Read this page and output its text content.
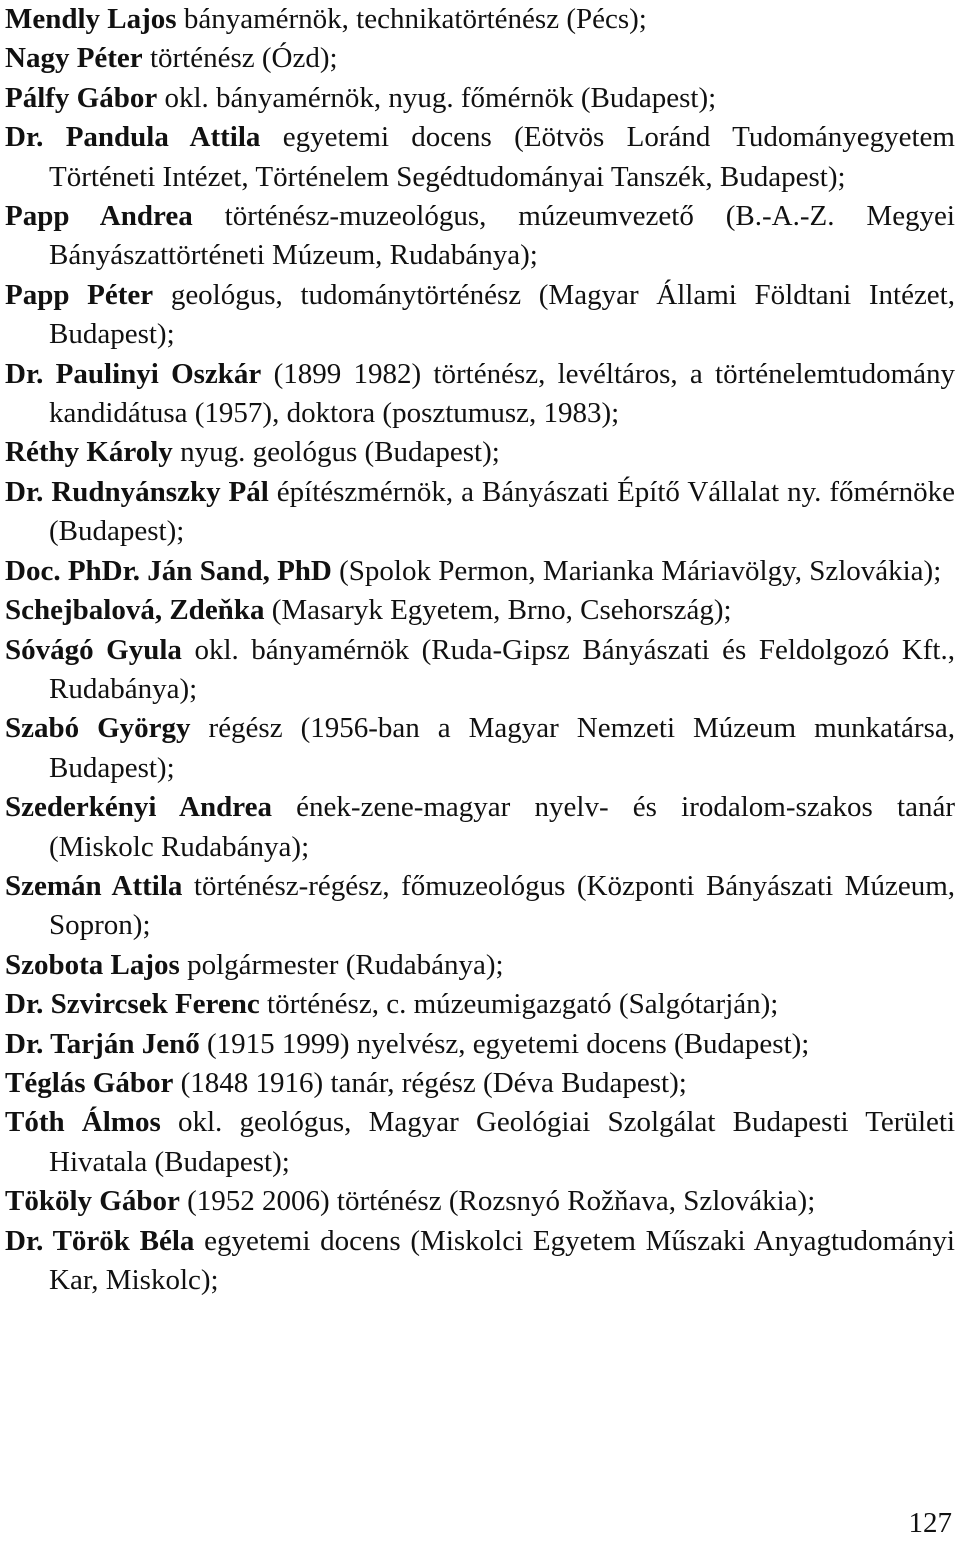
Mendly Lajos bányamérnök, technikatörténész (Pécs);

Nagy Péter történész (Ózd);

Pálfy Gábor okl. bányamérnök, nyug. főmérnök (Budapest);

Dr. Pandula Attila egyetemi docens (Eötvös Loránd Tudományegyetem Történeti Intézet, Történelem Segédtudományai Tanszék, Budapest);

Papp Andrea történész-muzeológus, múzeumvezető (B.-A.-Z. Megyei Bányászattörténeti Múzeum, Rudabánya);

Papp Péter geológus, tudománytörténész (Magyar Állami Földtani Intézet, Budapest);

Dr. Paulinyi Oszkár (1899 1982) történész, levéltáros, a történelemtudomány kandidátusa (1957), doktora (posztumusz, 1983);

Réthy Károly nyug. geológus (Budapest);

Dr. Rudnyánszky Pál építészmérnök, a Bányászati Építő Vállalat ny. főmérnöke (Budapest);

Doc. PhDr. Ján Sand, PhD (Spolok Permon, Marianka Máriavölgy, Szlovákia);

Schejbalová, Zdeňka (Masaryk Egyetem, Brno, Csehország);

Sóvágó Gyula okl. bányamérnök (Ruda-Gipsz Bányászati és Feldolgozó Kft., Rudabánya);

Szabó György régész (1956-ban a Magyar Nemzeti Múzeum munkatársa, Budapest);

Szederkényi Andrea ének-zene-magyar nyelv- és irodalom-szakos tanár (Miskolc Rudabánya);

Szemán Attila történész-régész, főmuzeológus (Központi Bányászati Múzeum, Sopron);

Szobota Lajos polgármester (Rudabánya);

Dr. Szvircsek Ferenc történész, c. múzeumigazgató (Salgótarján);

Dr. Tarján Jenő (1915 1999) nyelvész, egyetemi docens (Budapest);

Téglás Gábor (1848 1916) tanár, régész (Déva Budapest);

Tóth Álmos okl. geológus, Magyar Geológiai Szolgálat Budapesti Területi Hivatala (Budapest);

Tököly Gábor (1952 2006) történész (Rozsnyó Rožňava, Szlovákia);

Dr. Török Béla egyetemi docens (Miskolci Egyetem Műszaki Anyagtudományi Kar, Miskolc);

127
